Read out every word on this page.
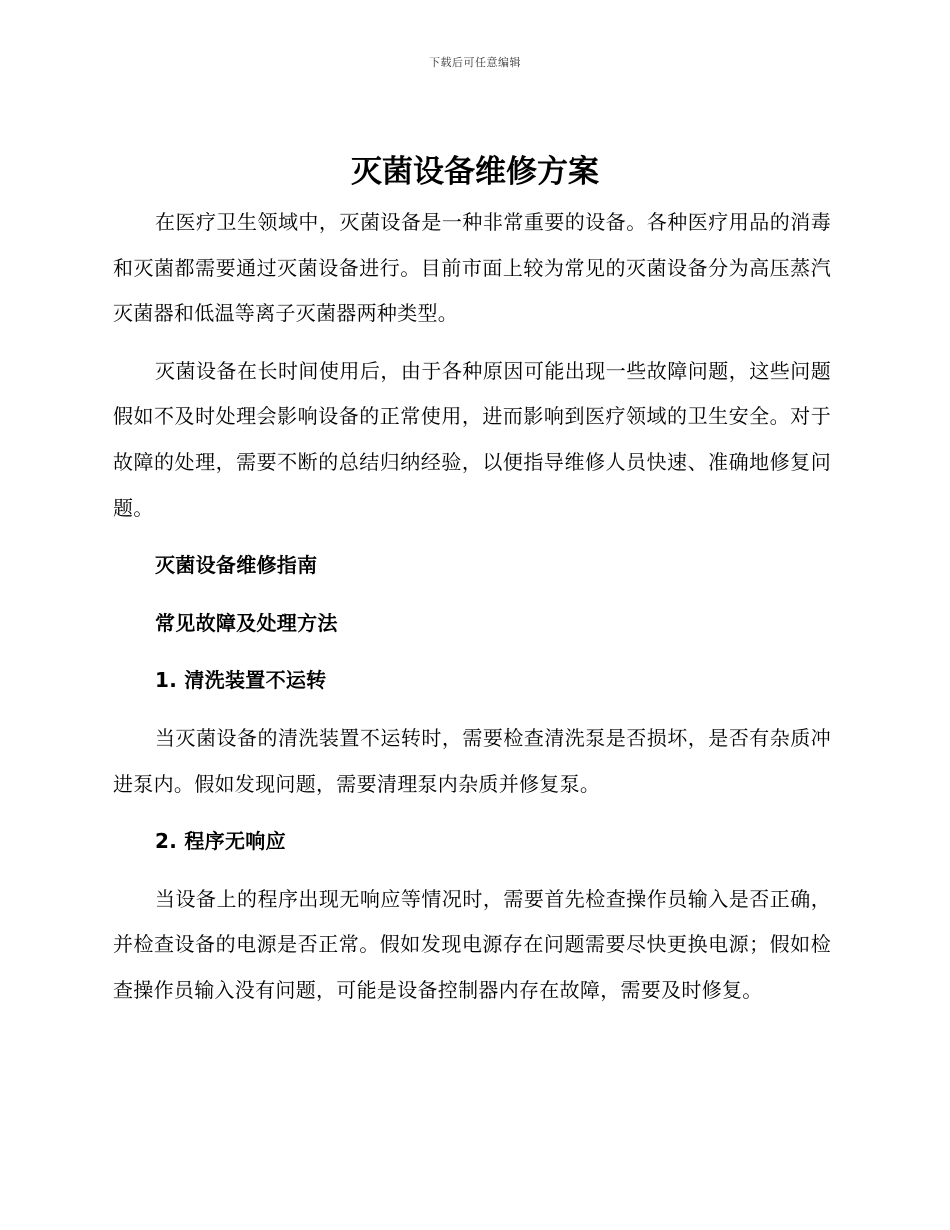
下载后可任意编辑
灭菌设备维修方案

在医疗卫生领域中，灭菌设备是一种非常重要的设备。各种医疗用品的消毒和灭菌都需要通过灭菌设备进行。目前市面上较为常见的灭菌设备分为高压蒸汽灭菌器和低温等离子灭菌器两种类型。

灭菌设备在长时间使用后，由于各种原因可能出现一些故障问题，这些问题假如不及时处理会影响设备的正常使用，进而影响到医疗领域的卫生安全。对于故障的处理，需要不断的总结归纳经验，以便指导维修人员快速、准确地修复问题。

灭菌设备维修指南

常见故障及处理方法

1. 清洗装置不运转

当灭菌设备的清洗装置不运转时，需要检查清洗泵是否损坏，是否有杂质冲进泵内。假如发现问题，需要清理泵内杂质并修复泵。

2. 程序无响应

当设备上的程序出现无响应等情况时，需要首先检查操作员输入是否正确，并检查设备的电源是否正常。假如发现电源存在问题需要尽快更换电源；假如检查操作员输入没有问题，可能是设备控制器内存在故障，需要及时修复。
